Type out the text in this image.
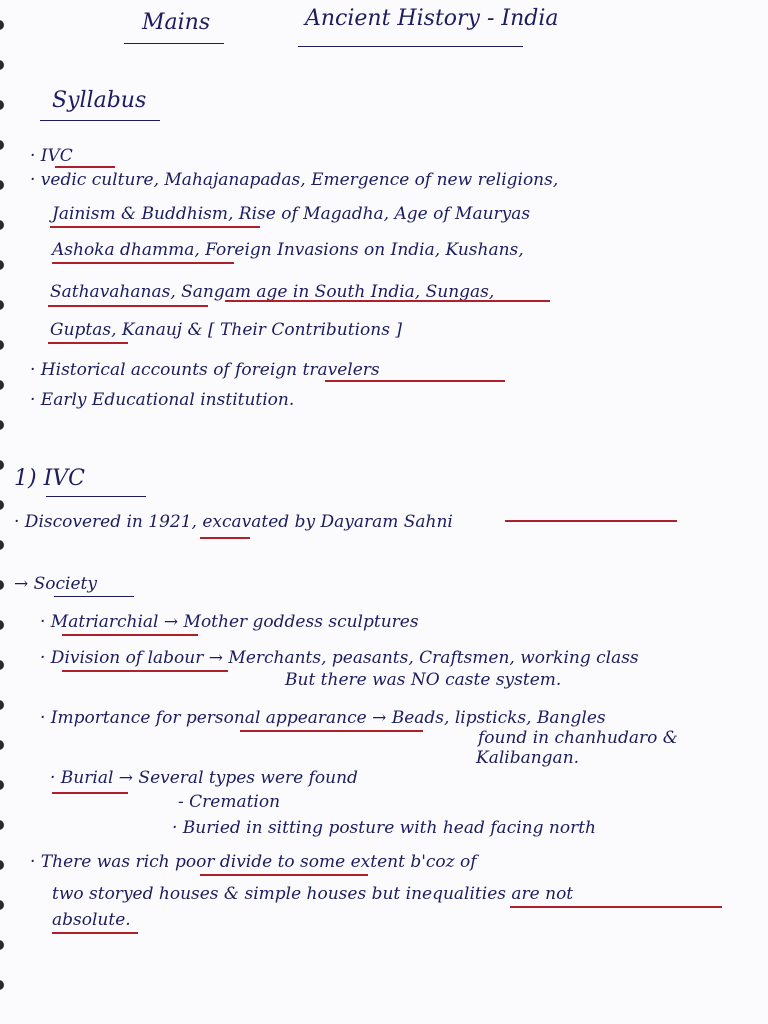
Mains	Ancient History - India
Syllabus
· IVC
· vedic culture, Mahajanapadas, Emergence of new religions,
Jainism & Buddhism, Rise of Magadha, Age of Mauryas
Ashoka dhamma, Foreign Invasions on India, Kushans,
Sathavahanas, Sangam age in South India, Sungas,
Guptas, Kanauj & [ Their Contributions ]
· Historical accounts of foreign travelers
· Early Educational institution.
1) IVC
· Discovered in 1921, excavated by Dayaram Sahni
→ Society
· Matriarchial → Mother goddess sculptures
· Division of labour → Merchants, peasants, Craftsmen, working class
But there was NO caste system.
· Importance for personal appearance → Beads, lipsticks, Bangles
found in chanhudaro &
Kalibangan.
· Burial → Several types were found
- Cremation
· Buried in sitting posture with head facing north
· There was rich poor divide to some extent b'coz of
two storyed houses & simple houses but inequalities are not
absolute.
